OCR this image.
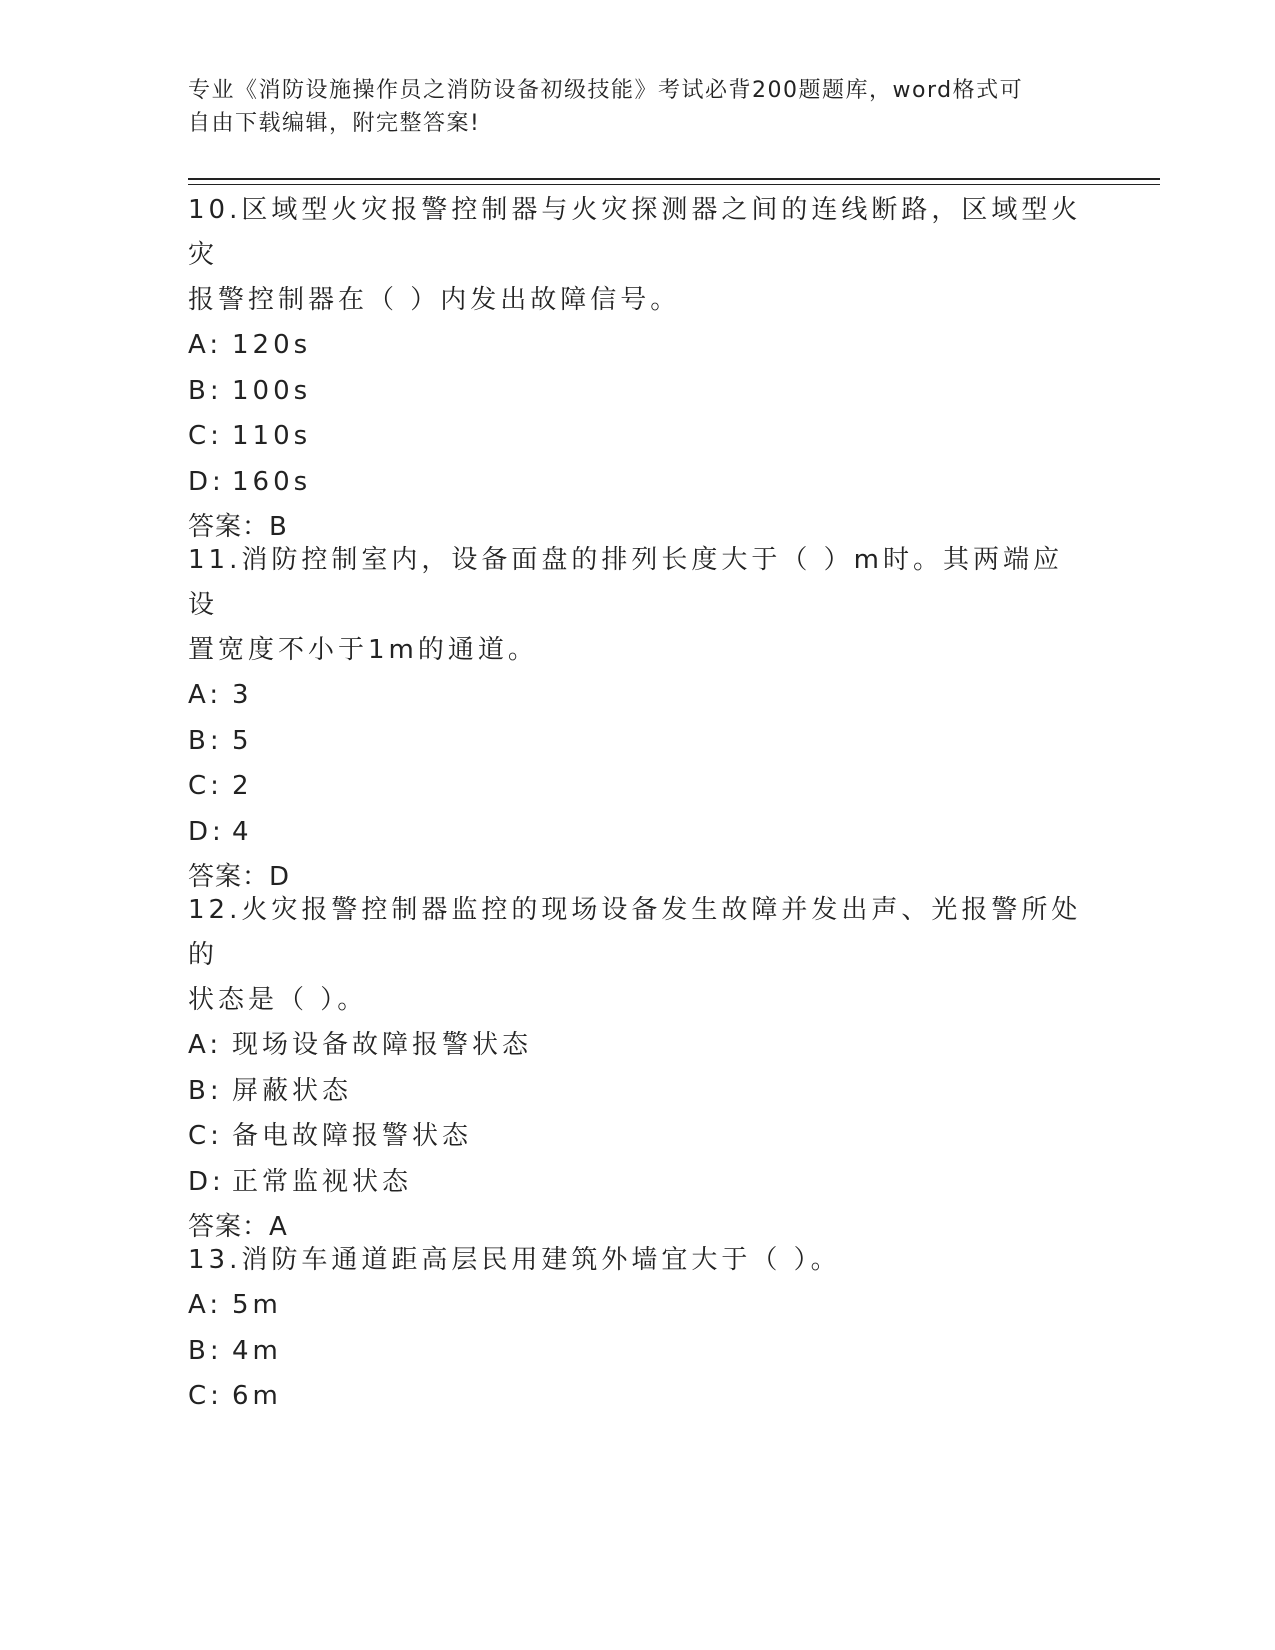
专业《消防设施操作员之消防设备初级技能》考试必背200题题库，word格式可
自由下载编辑，附完整答案!
10.区域型火灾报警控制器与火灾探测器之间的连线断路，区域型火灾
报警控制器在（ ）内发出故障信号。
A: 120s
B: 100s
C: 110s
D: 160s
答案：B
11.消防控制室内，设备面盘的排列长度大于（ ）m时。其两端应设
置宽度不小于1m的通道。
A: 3
B: 5
C: 2
D: 4
答案：D
12.火灾报警控制器监控的现场设备发生故障并发出声、光报警所处的
状态是（ ）。
A: 现场设备故障报警状态
B: 屏蔽状态
C: 备电故障报警状态
D: 正常监视状态
答案：A
13.消防车通道距高层民用建筑外墙宜大于（ ）。
A: 5m
B: 4m
C: 6m
